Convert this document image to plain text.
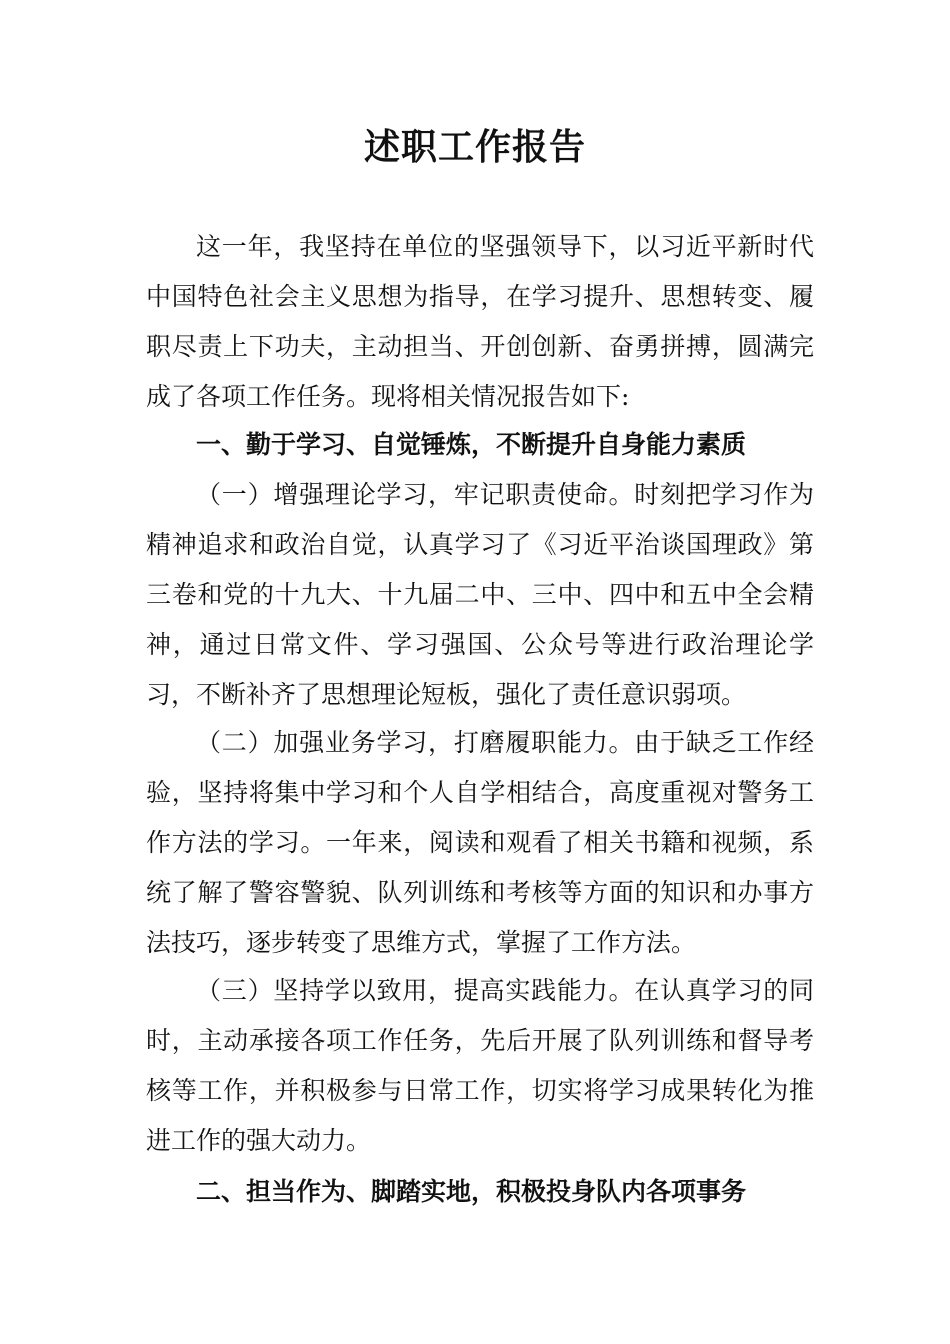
述职工作报告

这一年，我坚持在单位的坚强领导下，以习近平新时代中国特色社会主义思想为指导，在学习提升、思想转变、履职尽责上下功夫，主动担当、开创创新、奋勇拼搏，圆满完成了各项工作任务。现将相关情况报告如下:

一、勤于学习、自觉锤炼，不断提升自身能力素质

（一）增强理论学习，牢记职责使命。时刻把学习作为精神追求和政治自觉，认真学习了《习近平治谈国理政》第三卷和党的十九大、十九届二中、三中、四中和五中全会精神，通过日常文件、学习强国、公众号等进行政治理论学习，不断补齐了思想理论短板，强化了责任意识弱项。

（二）加强业务学习，打磨履职能力。由于缺乏工作经验，坚持将集中学习和个人自学相结合，高度重视对警务工作方法的学习。一年来，阅读和观看了相关书籍和视频，系统了解了警容警貌、队列训练和考核等方面的知识和办事方法技巧，逐步转变了思维方式，掌握了工作方法。

（三）坚持学以致用，提高实践能力。在认真学习的同时，主动承接各项工作任务，先后开展了队列训练和督导考核等工作，并积极参与日常工作，切实将学习成果转化为推进工作的强大动力。

二、担当作为、脚踏实地，积极投身队内各项事务
